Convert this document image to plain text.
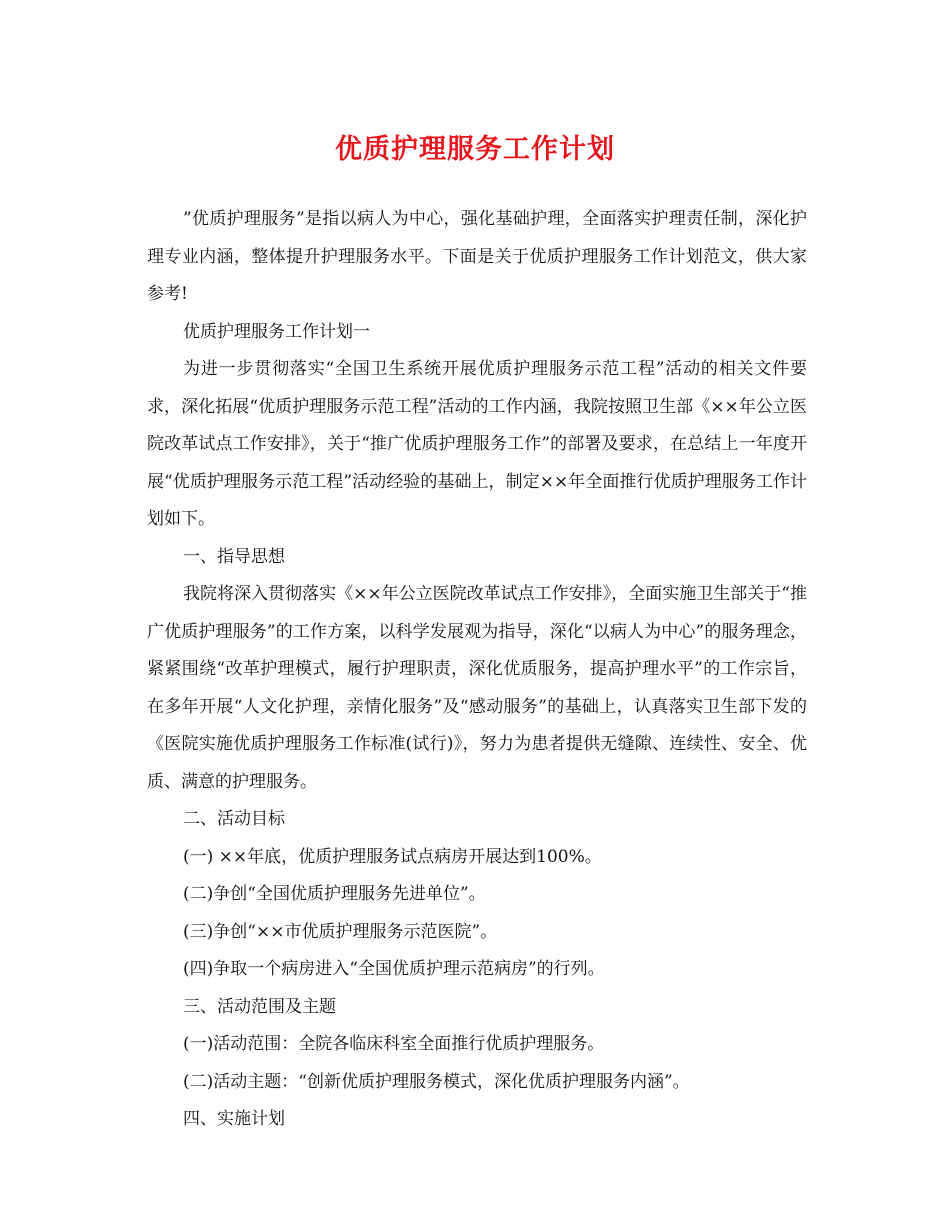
优质护理服务工作计划

”优质护理服务”是指以病人为中心，强化基础护理，全面落实护理责任制，深化护理专业内涵，整体提升护理服务水平。下面是关于优质护理服务工作计划范文，供大家参考!

优质护理服务工作计划一

为进一步贯彻落实“全国卫生系统开展优质护理服务示范工程”活动的相关文件要求，深化拓展“优质护理服务示范工程”活动的工作内涵，我院按照卫生部《××年公立医院改革试点工作安排》，关于“推广优质护理服务工作”的部署及要求，在总结上一年度开展“优质护理服务示范工程”活动经验的基础上，制定××年全面推行优质护理服务工作计划如下。

一、指导思想

我院将深入贯彻落实《××年公立医院改革试点工作安排》，全面实施卫生部关于“推广优质护理服务”的工作方案，以科学发展观为指导，深化“以病人为中心”的服务理念，紧紧围绕“改革护理模式，履行护理职责，深化优质服务，提高护理水平”的工作宗旨，在多年开展“人文化护理，亲情化服务”及“感动服务”的基础上，认真落实卫生部下发的《医院实施优质护理服务工作标准(试行)》，努力为患者提供无缝隙、连续性、安全、优质、满意的护理服务。

二、活动目标

(一) ××年底，优质护理服务试点病房开展达到100%。

(二)争创“全国优质护理服务先进单位”。

(三)争创“××市优质护理服务示范医院”。

(四)争取一个病房进入“全国优质护理示范病房”的行列。

三、活动范围及主题

(一)活动范围：全院各临床科室全面推行优质护理服务。

(二)活动主题：“创新优质护理服务模式，深化优质护理服务内涵”。

四、实施计划
